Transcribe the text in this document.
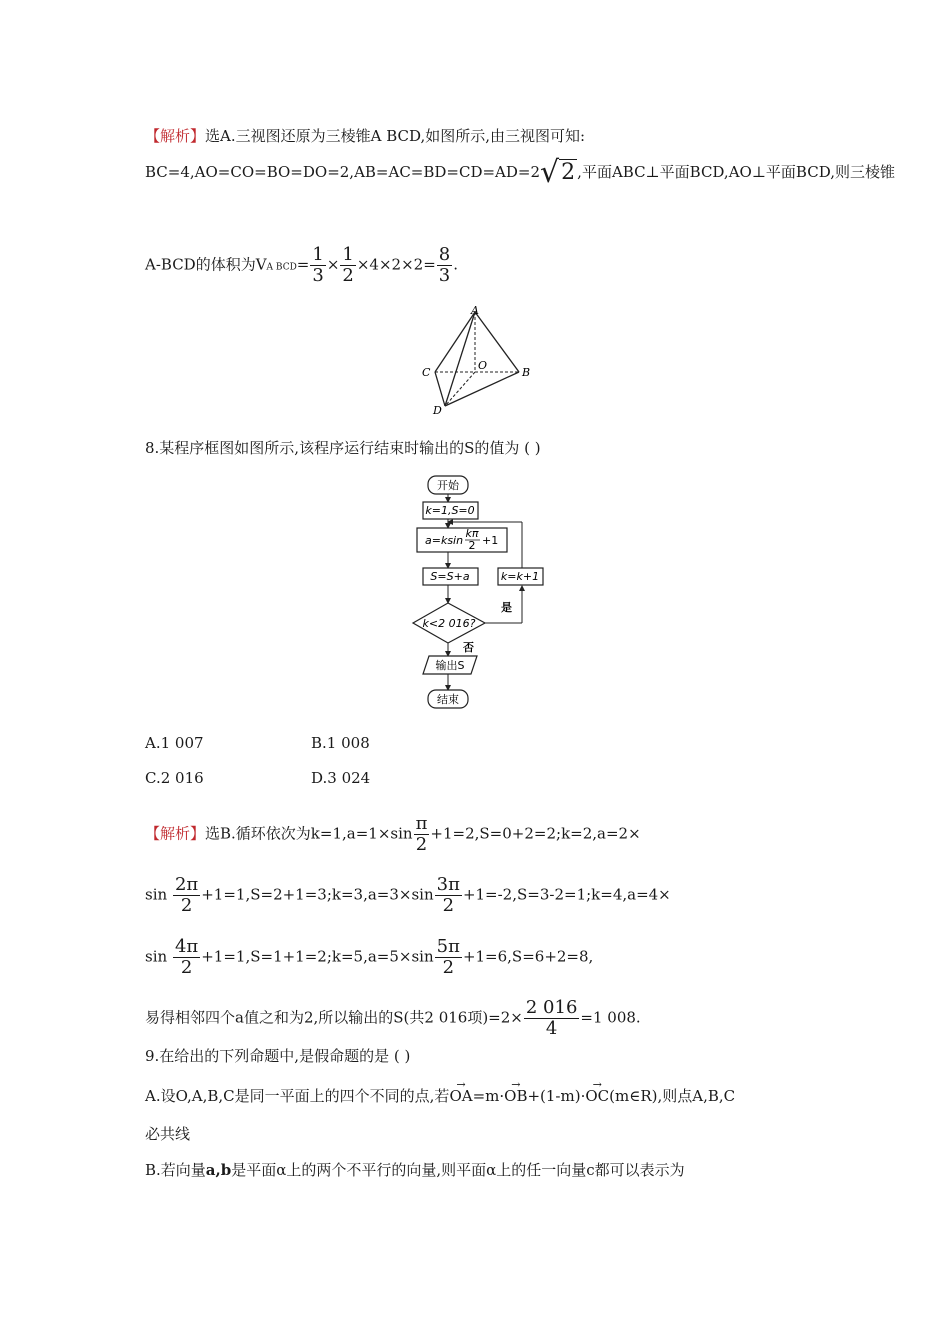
【解析】选A.三视图还原为三棱锥A BCD,如图所示,由三视图可知:
BC=4,AO=CO=BO=DO=2,AB=AC=BD=CD=AD=2√2 ,平面ABC⊥平面BCD,AO⊥平面BCD,则三棱锥
A-BCD的体积为VA $BCD= \frac{1}{3} \times \frac{1}{2} \times 4\times 2\times 2= \frac{8}{3}$ .
A
B
C
D
O
8.某程序框图如图所示,该程序运行结束时输出的S的值为 ( )
开始
k=1,S=0
a=ksin
kπ
2 +1
S=S+a
k<2 016?
是
k=k+1
否
输出S
结束
A.1 007	B.1 008
C.2 016	D.3 024
【解析】选B.循环依次为$k=1,a=1\times\sin \frac{\pi}{2}$ +1=2,S=0+2=2;k=2,a=2×
$\sin \frac{2\pi}{2}$ +1=1,S=2+1=3;k=3,a=3×sin $\frac{3\pi}{2}$ +1=-2,S=3-2=1;k=4,a=4×
$\sin \frac{4\pi}{2}$ +1=1,S=1+1=2;k=5,a=5×sin $\frac{5\pi}{2} +1=6,S=6+2=8$,
易得相邻四个a值之和为2,所以输出的S(共2 016项)$=2\times \frac{2 016}{4} =1$ 008.
9.在给出的下列命题中,是假命题的是 ( )
A.设O,A,B,C是同一平面上的四个不同的点,若→ OA=m·→ OB+(1-m)·→ OC(m∈R),则点A,B,C
必共线
B.若向量a,b是平面α上的两个不平行的向量,则平面α上的任一向量c都可以表示为
